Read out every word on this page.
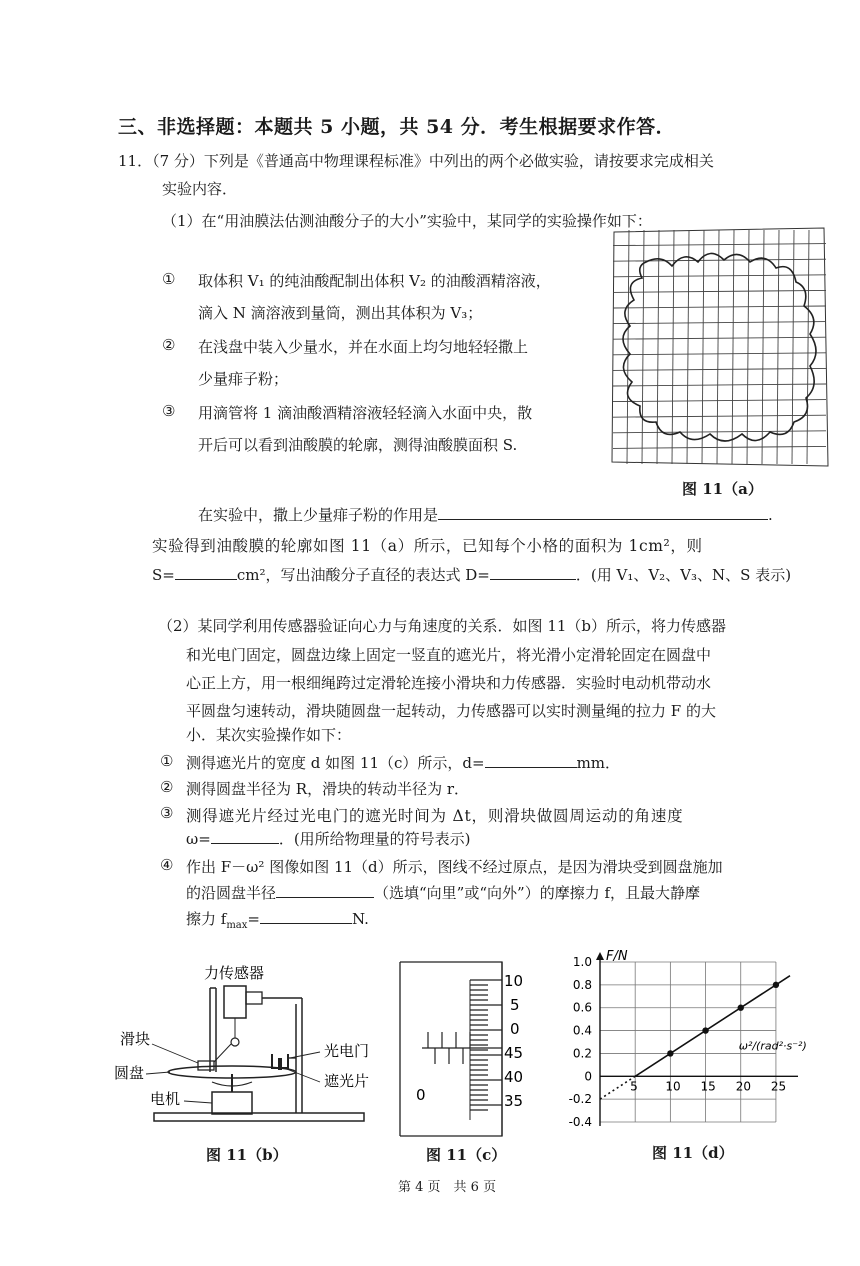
三、非选择题：本题共 5 小题，共 54 分．考生根据要求作答．
11．（7 分）下列是《普通高中物理课程标准》中列出的两个必做实验，请按要求完成相关
实验内容．
（1）在“用油膜法估测油酸分子的大小”实验中，某同学的实验操作如下：
① 取体积 V₁ 的纯油酸配制出体积 V₂ 的油酸酒精溶液，
滴入 N 滴溶液到量筒，测出其体积为 V₃；
② 在浅盘中装入少量水，并在水面上均匀地轻轻撒上
少量痱子粉；
③ 用滴管将 1 滴油酸酒精溶液轻轻滴入水面中央，散
开后可以看到油酸膜的轮廓，测得油酸膜面积 S.
图 11（a）
在实验中，撒上少量痱子粉的作用是	.
实验得到油酸膜的轮廓如图 11（a）所示，已知每个小格的面积为 1cm²，则
S=	cm²，写出油酸分子直径的表达式 D=	．(用 V₁、V₂、V₃、N、S 表示)
（2）某同学利用传感器验证向心力与角速度的关系．如图 11（b）所示，将力传感器
和光电门固定，圆盘边缘上固定一竖直的遮光片，将光滑小定滑轮固定在圆盘中
心正上方，用一根细绳跨过定滑轮连接小滑块和力传感器．实验时电动机带动水
平圆盘匀速转动，滑块随圆盘一起转动，力传感器可以实时测量绳的拉力 F 的大
小．某次实验操作如下：
① 测得遮光片的宽度 d 如图 11（c）所示，d=	mm．
② 测得圆盘半径为 R，滑块的转动半径为 r．
③ 测得遮光片经过光电门的遮光时间为 Δt，则滑块做圆周运动的角速度
ω=	．(用所给物理量的符号表示)
④ 作出 F－ω² 图像如图 11（d）所示，图线不经过原点，是因为滑块受到圆盘施加
的沿圆盘半径	（选填“向里”或“向外”）的摩擦力 f，且最大静摩
擦力 $f_{max}=$	N.
力传感器
滑块
圆盘
电机
光电门
遮光片
图 11（b）
10
5
0
45
40
35
0
图 11（c）
5 10 15 20 25
1.0
0.8
0.6
0.4
0.2
0
-0.2
-0.4
F/N
ω²/(rad²·s⁻²)
图 11（d）
第 4 页　共 6 页
